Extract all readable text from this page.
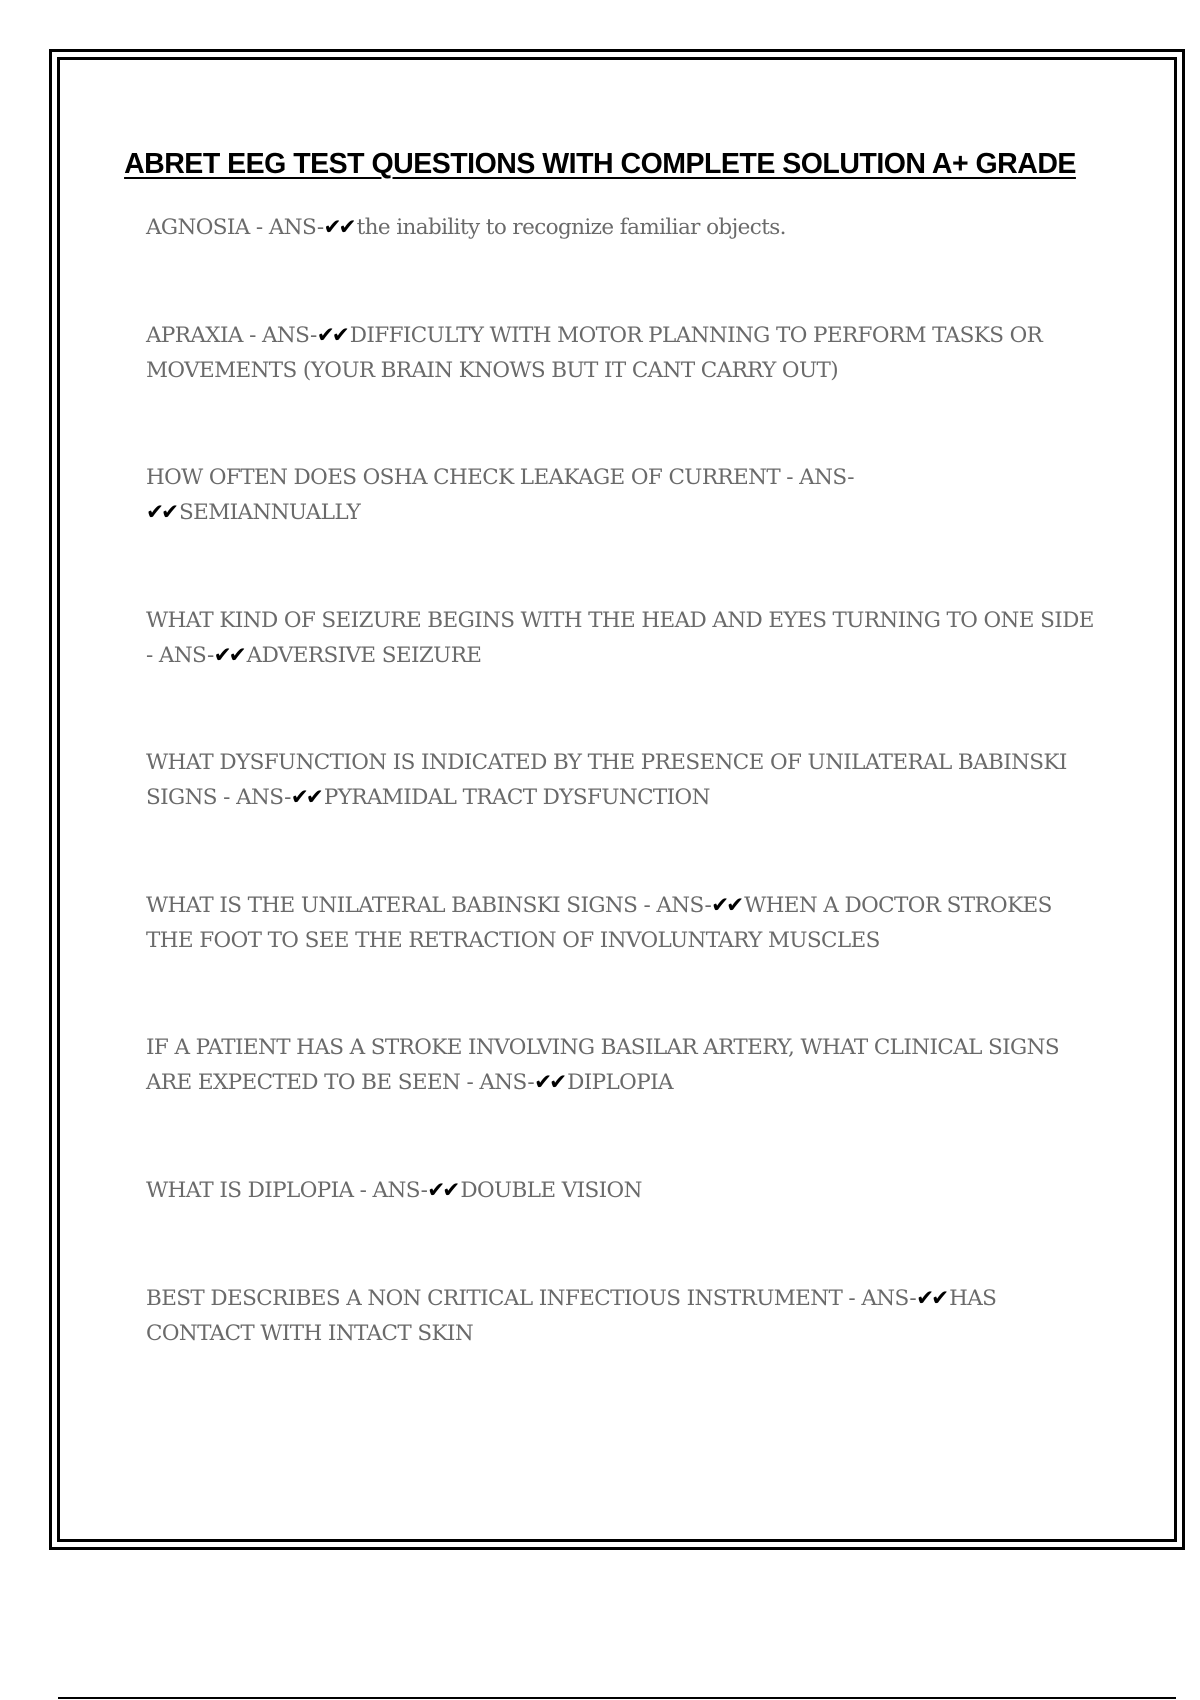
ABRET EEG TEST QUESTIONS WITH COMPLETE SOLUTION A+ GRADE

AGNOSIA - ANS-✔✔ the inability to recognize familiar objects.

APRAXIA - ANS-✔✔ DIFFICULTY WITH MOTOR PLANNING TO PERFORM TASKS OR MOVEMENTS (YOUR BRAIN KNOWS BUT IT CANT CARRY OUT)

HOW OFTEN DOES OSHA CHECK LEAKAGE OF CURRENT - ANS-✔✔ SEMIANNUALLY

WHAT KIND OF SEIZURE BEGINS WITH THE HEAD AND EYES TURNING TO ONE SIDE - ANS-✔✔ ADVERSIVE SEIZURE

WHAT DYSFUNCTION IS INDICATED BY THE PRESENCE OF UNILATERAL BABINSKI SIGNS - ANS-✔✔ PYRAMIDAL TRACT DYSFUNCTION

WHAT IS THE UNILATERAL BABINSKI SIGNS - ANS-✔✔ WHEN A DOCTOR STROKES THE FOOT TO SEE THE RETRACTION OF INVOLUNTARY MUSCLES

IF A PATIENT HAS A STROKE INVOLVING BASILAR ARTERY, WHAT CLINICAL SIGNS ARE EXPECTED TO BE SEEN - ANS-✔✔ DIPLOPIA

WHAT IS DIPLOPIA - ANS-✔✔ DOUBLE VISION

BEST DESCRIBES A NON CRITICAL INFECTIOUS INSTRUMENT - ANS-✔✔ HAS CONTACT WITH INTACT SKIN
